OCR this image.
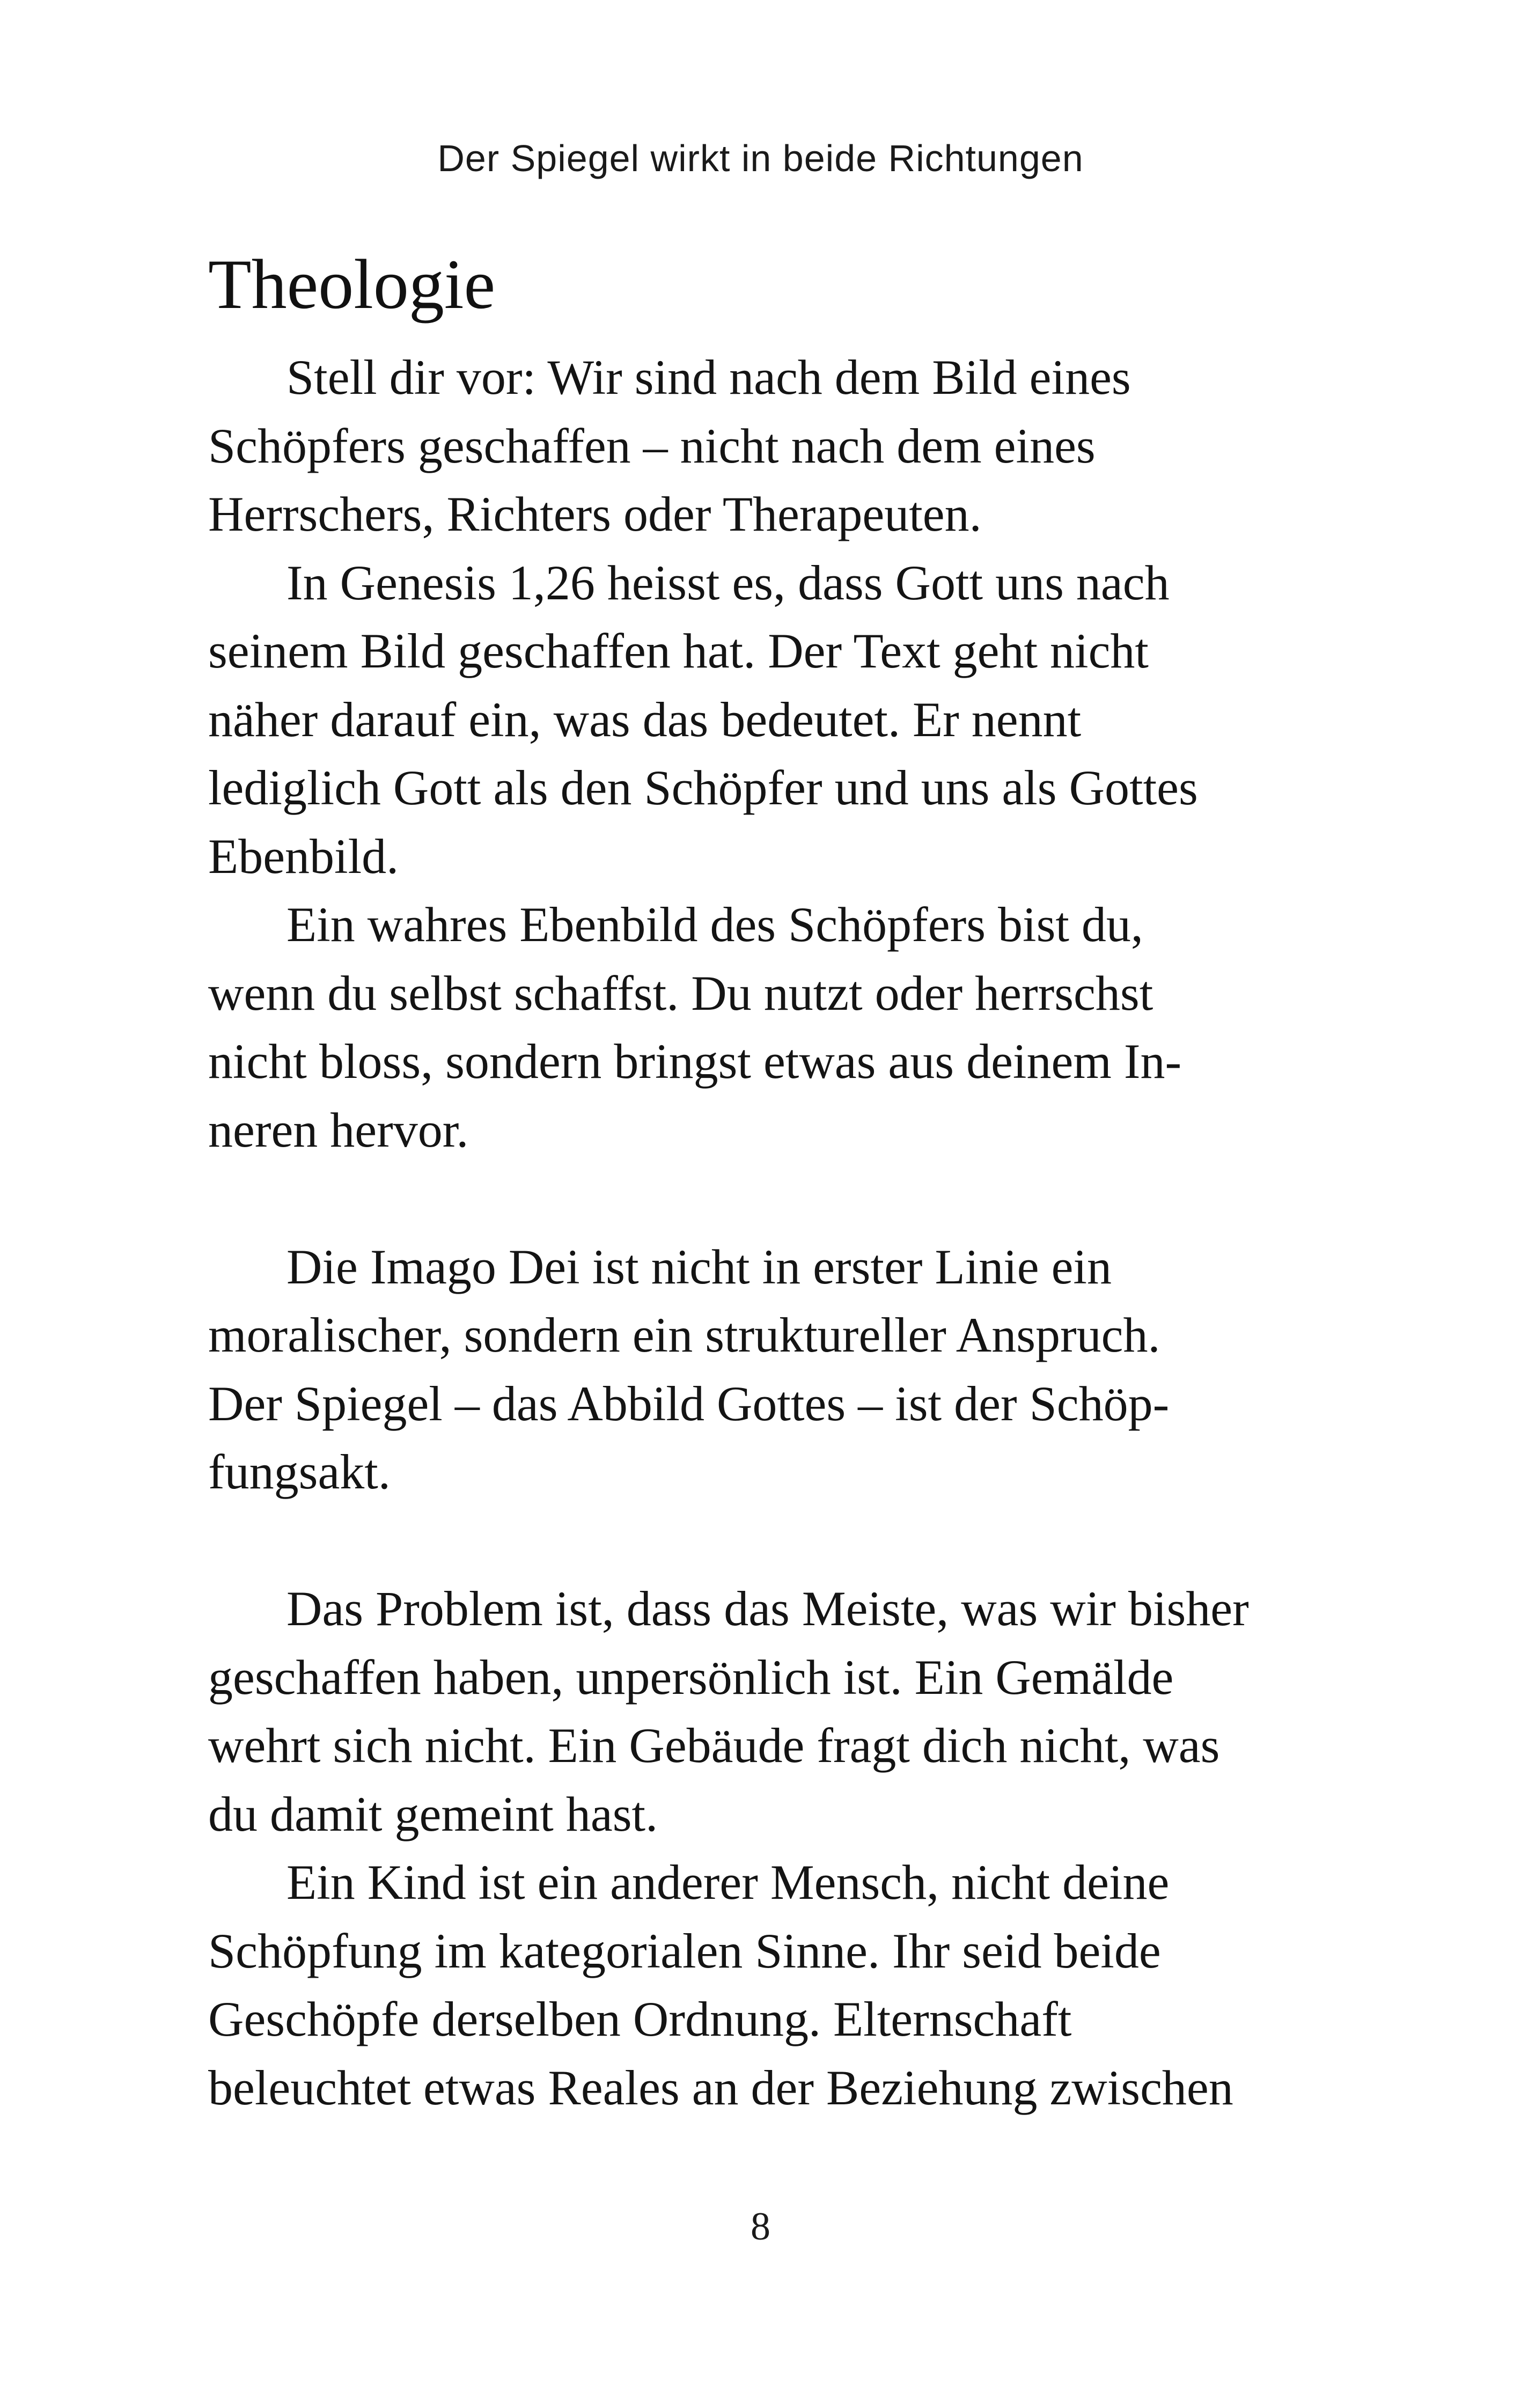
Der Spiegel wirkt in beide Richtungen
Theologie

Stell dir vor: Wir sind nach dem Bild eines
Schöpfers geschaffen – nicht nach dem eines
Herrschers, Richters oder Therapeuten.

In Genesis 1,26 heisst es, dass Gott uns nach
seinem Bild geschaffen hat. Der Text geht nicht
näher darauf ein, was das bedeutet. Er nennt
lediglich Gott als den Schöpfer und uns als Gottes
Ebenbild.

Ein wahres Ebenbild des Schöpfers bist du,
wenn du selbst schaffst. Du nutzt oder herrschst
nicht bloss, sondern bringst etwas aus deinem In-
neren hervor.

Die Imago Dei ist nicht in erster Linie ein
moralischer, sondern ein struktureller Anspruch.
Der Spiegel – das Abbild Gottes – ist der Schöp-
fungsakt.

Das Problem ist, dass das Meiste, was wir bisher
geschaffen haben, unpersönlich ist. Ein Gemälde
wehrt sich nicht. Ein Gebäude fragt dich nicht, was
du damit gemeint hast.

Ein Kind ist ein anderer Mensch, nicht deine
Schöpfung im kategorialen Sinne. Ihr seid beide
Geschöpfe derselben Ordnung. Elternschaft
beleuchtet etwas Reales an der Beziehung zwischen

8
